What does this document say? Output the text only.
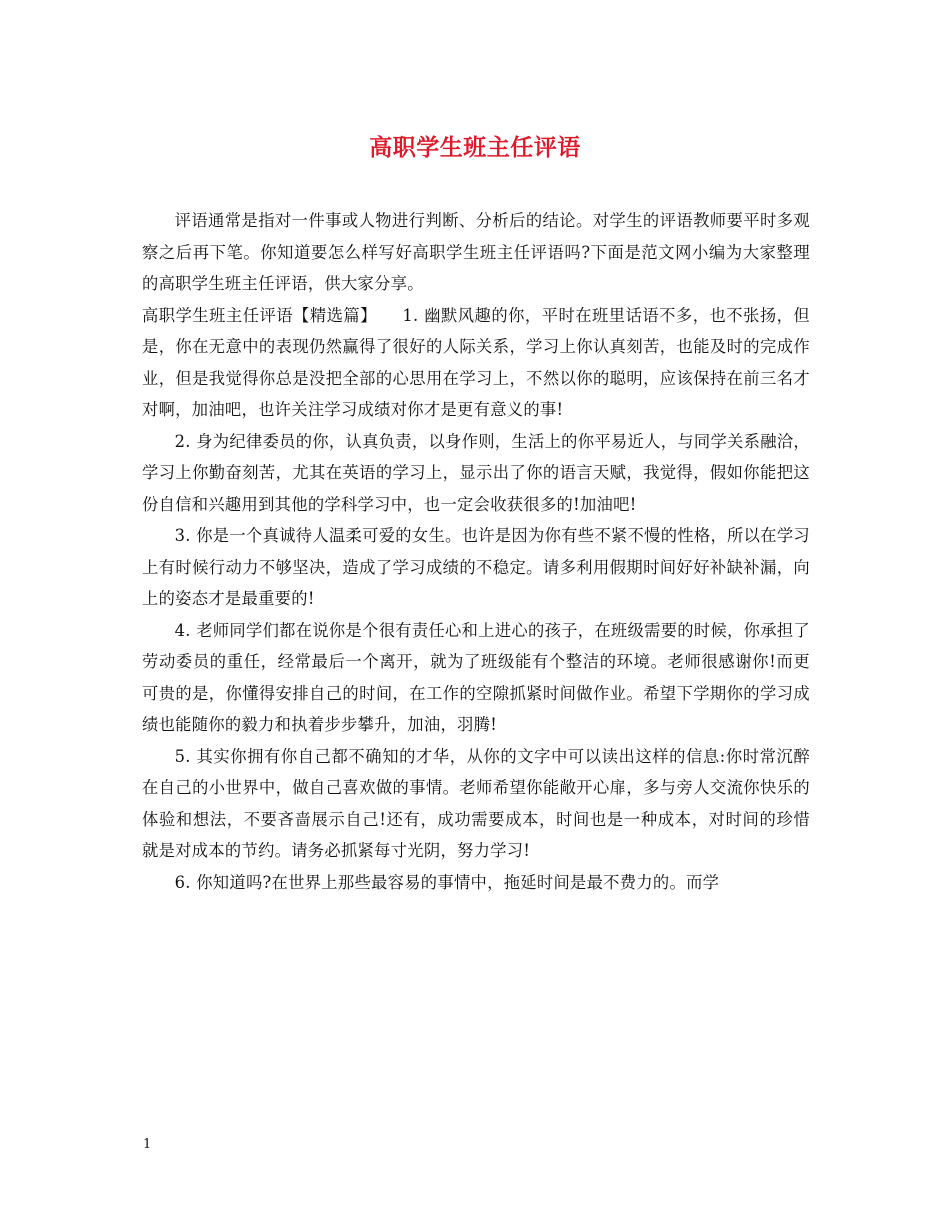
高职学生班主任评语

评语通常是指对一件事或人物进行判断、分析后的结论。对学生的评语教师要平时多观察之后再下笔。你知道要怎么样写好高职学生班主任评语吗?下面是范文网小编为大家整理的高职学生班主任评语，供大家分享。

高职学生班主任评语【精选篇】　　1. 幽默风趣的你，平时在班里话语不多，也不张扬，但是，你在无意中的表现仍然赢得了很好的人际关系，学习上你认真刻苦，也能及时的完成作业，但是我觉得你总是没把全部的心思用在学习上，不然以你的聪明，应该保持在前三名才对啊，加油吧，也许关注学习成绩对你才是更有意义的事!

2. 身为纪律委员的你，认真负责，以身作则，生活上的你平易近人，与同学关系融洽，学习上你勤奋刻苦，尤其在英语的学习上，显示出了你的语言天赋，我觉得，假如你能把这份自信和兴趣用到其他的学科学习中，也一定会收获很多的!加油吧!

3. 你是一个真诚待人温柔可爱的女生。也许是因为你有些不紧不慢的性格，所以在学习上有时候行动力不够坚决，造成了学习成绩的不稳定。请多利用假期时间好好补缺补漏，向上的姿态才是最重要的!

4. 老师同学们都在说你是个很有责任心和上进心的孩子，在班级需要的时候，你承担了劳动委员的重任，经常最后一个离开，就为了班级能有个整洁的环境。老师很感谢你!而更可贵的是，你懂得安排自己的时间，在工作的空隙抓紧时间做作业。希望下学期你的学习成绩也能随你的毅力和执着步步攀升，加油，羽腾!

5. 其实你拥有你自己都不确知的才华，从你的文字中可以读出这样的信息:你时常沉醉在自己的小世界中，做自己喜欢做的事情。老师希望你能敞开心扉，多与旁人交流你快乐的体验和想法，不要吝啬展示自己!还有，成功需要成本，时间也是一种成本，对时间的珍惜就是对成本的节约。请务必抓紧每寸光阴，努力学习!

6. 你知道吗?在世界上那些最容易的事情中，拖延时间是最不费力的。而学

1
